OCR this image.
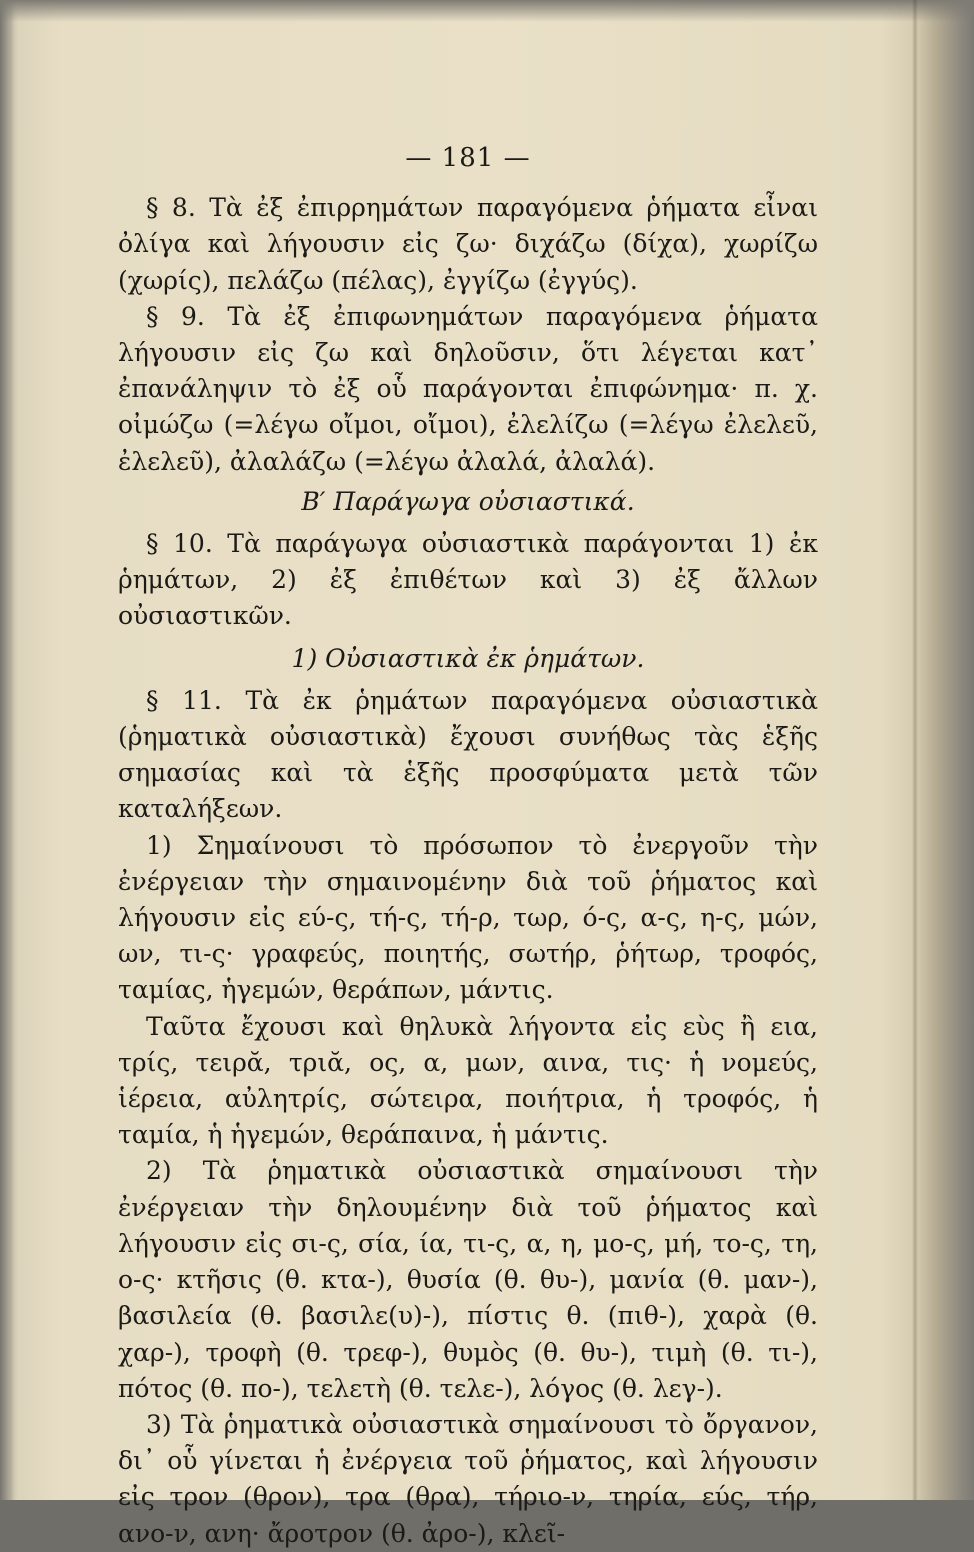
— 181 —

§ 8. Τὰ ἐξ ἐπιρρημάτων παραγόμενα ῥήματα εἶναι ὀλίγα καὶ λήγουσιν εἰς ζω· διχάζω (δίχα), χωρίζω (χωρίς), πελάζω (πέλας), ἐγγίζω (ἐγγύς).

§ 9. Τὰ ἐξ ἐπιφωνημάτων παραγόμενα ῥήματα λήγουσιν εἰς ζω καὶ δηλοῦσιν, ὅτι λέγεται κατ᾽ ἐπανάληψιν τὸ ἐξ οὗ παράγονται ἐπιφώνημα· π. χ. οἰμώζω (=λέγω οἴμοι, οἴμοι), ἐλελίζω (=λέγω ἐλελεῦ, ἐλελεῦ), ἀλαλάζω (=λέγω ἀλαλά, ἀλαλά).

Β′ Παράγωγα οὐσιαστικά.

§ 10. Τὰ παράγωγα οὐσιαστικὰ παράγονται 1) ἐκ ῥημάτων, 2) ἐξ ἐπιθέτων καὶ 3) ἐξ ἄλλων οὐσιαστικῶν.

1) Οὐσιαστικὰ ἐκ ῥημάτων.

§ 11. Τὰ ἐκ ῥημάτων παραγόμενα οὐσιαστικὰ (ῥηματικὰ οὐσιαστικὰ) ἔχουσι συνήθως τὰς ἑξῆς σημασίας καὶ τὰ ἑξῆς προσφύματα μετὰ τῶν καταλήξεων.

1) Σημαίνουσι τὸ πρόσωπον τὸ ἐνεργοῦν τὴν ἐνέργειαν τὴν σημαινομένην διὰ τοῦ ῥήματος καὶ λήγουσιν εἰς εύ-ς, τή-ς, τή-ρ, τωρ, ό-ς, α-ς, η-ς, μών, ων, τι-ς· γραφεύς, ποιητής, σωτήρ, ῥήτωρ, τροφός, ταμίας, ἡγεμών, θεράπων, μάντις.

Ταῦτα ἔχουσι καὶ θηλυκὰ λήγοντα εἰς εὺς ἢ εια, τρίς, τειρᾰ, τριᾰ, ος, α, μων, αινα, τις· ἡ νομεύς, ἱέρεια, αὐλητρίς, σώτειρα, ποιήτρια, ἡ τροφός, ἡ ταμία, ἡ ἡγεμών, θεράπαινα, ἡ μάντις.

2) Τὰ ῥηματικὰ οὐσιαστικὰ σημαίνουσι τὴν ἐνέργειαν τὴν δηλουμένην διὰ τοῦ ῥήματος καὶ λήγουσιν εἰς σι-ς, σία, ία, τι-ς, α, η, μο-ς, μή, το-ς, τη, ο-ς· κτῆσις (θ. κτα-), θυσία (θ. θυ-), μανία (θ. μαν-), βασιλεία (θ. βασιλε(υ)-), πίστις θ. (πιθ-), χαρὰ (θ. χαρ-), τροφὴ (θ. τρεφ-), θυμὸς (θ. θυ-), τιμὴ (θ. τι-), πότος (θ. πο-), τελετὴ (θ. τελε-), λόγος (θ. λεγ-).

3) Τὰ ῥηματικὰ οὐσιαστικὰ σημαίνουσι τὸ ὄργανον, δι᾽ οὗ γίνεται ἡ ἐνέργεια τοῦ ῥήματος, καὶ λήγουσιν εἰς τρον (θρον), τρα (θρα), τήριο-ν, τηρία, εύς, τήρ, ανο-ν, ανη· ἄροτρον (θ. ἀρο-), κλεῖ-
